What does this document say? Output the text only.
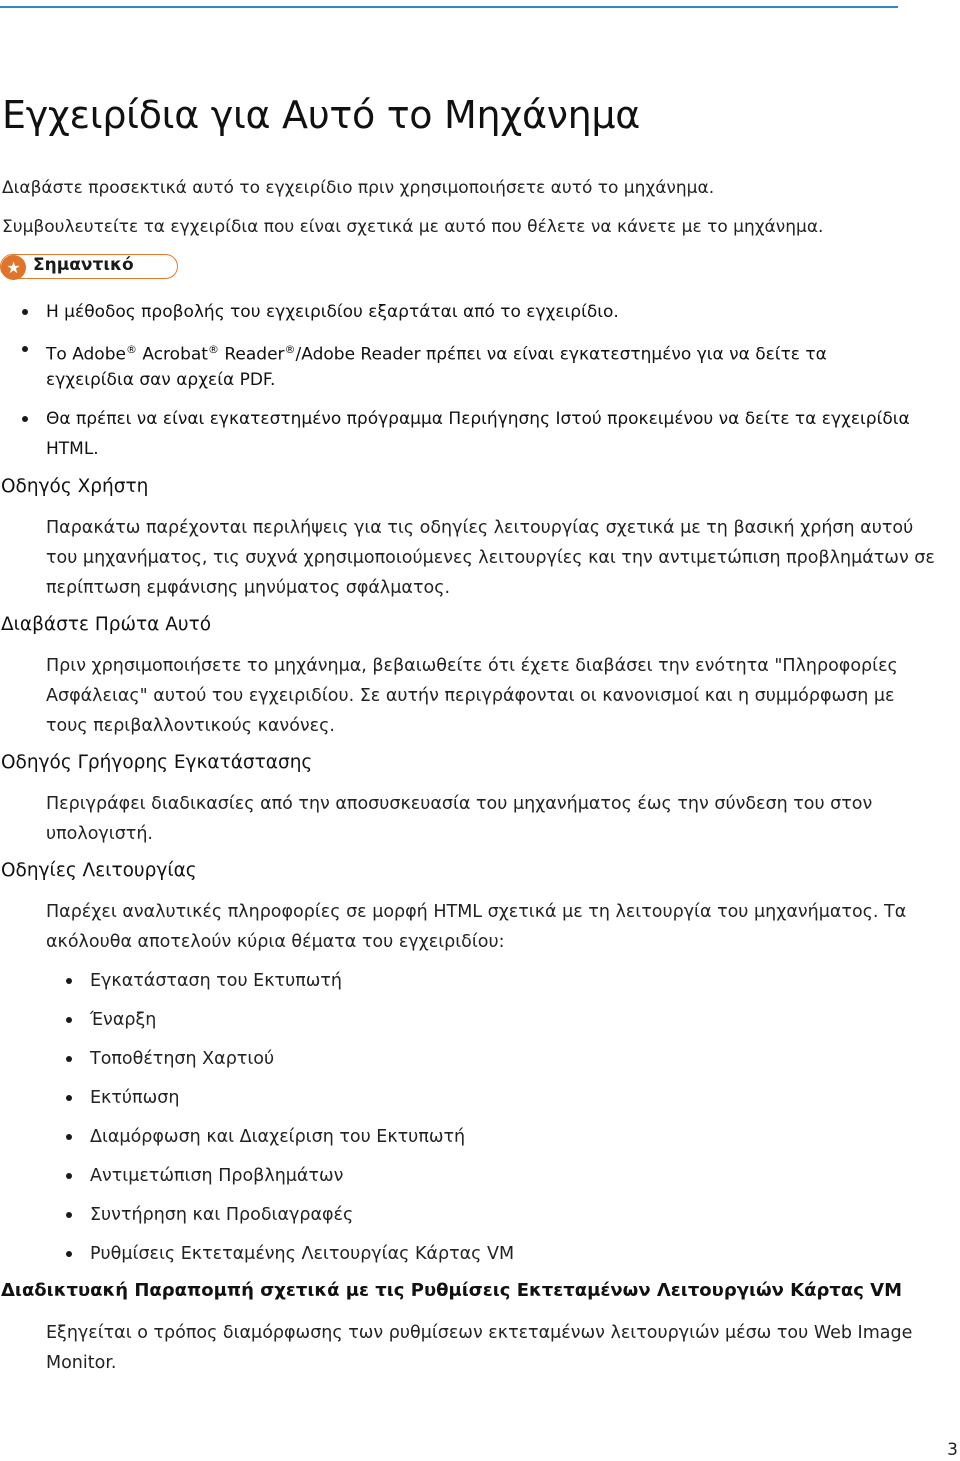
Εγχειρίδια για Αυτό το Μηχάνημα
Διαβάστε προσεκτικά αυτό το εγχειρίδιο πριν χρησιμοποιήσετε αυτό το μηχάνημα.
Συμβουλευτείτε τα εγχειρίδια που είναι σχετικά με αυτό που θέλετε να κάνετε με το μηχάνημα.
★ Σημαντικό
Η μέθοδος προβολής του εγχειριδίου εξαρτάται από το εγχειρίδιο.
Το Adobe® Acrobat® Reader®/Adobe Reader πρέπει να είναι εγκατεστημένο για να δείτε τα
εγχειρίδια σαν αρχεία PDF.
Θα πρέπει να είναι εγκατεστημένο πρόγραμμα Περιήγησης Ιστού προκειμένου να δείτε τα εγχειρίδια
HTML.
Οδηγός Χρήστη
Παρακάτω παρέχονται περιλήψεις για τις οδηγίες λειτουργίας σχετικά με τη βασική χρήση αυτού
του μηχανήματος, τις συχνά χρησιμοποιούμενες λειτουργίες και την αντιμετώπιση προβλημάτων σε
περίπτωση εμφάνισης μηνύματος σφάλματος.
Διαβάστε Πρώτα Αυτό
Πριν χρησιμοποιήσετε το μηχάνημα, βεβαιωθείτε ότι έχετε διαβάσει την ενότητα "Πληροφορίες
Ασφάλειας" αυτού του εγχειριδίου. Σε αυτήν περιγράφονται οι κανονισμοί και η συμμόρφωση με
τους περιβαλλοντικούς κανόνες.
Οδηγός Γρήγορης Εγκατάστασης
Περιγράφει διαδικασίες από την αποσυσκευασία του μηχανήματος έως την σύνδεση του στον
υπολογιστή.
Οδηγίες Λειτουργίας
Παρέχει αναλυτικές πληροφορίες σε μορφή HTML σχετικά με τη λειτουργία του μηχανήματος. Τα
ακόλουθα αποτελούν κύρια θέματα του εγχειριδίου:
Εγκατάσταση του Εκτυπωτή
Έναρξη
Τοποθέτηση Χαρτιού
Εκτύπωση
Διαμόρφωση και Διαχείριση του Εκτυπωτή
Αντιμετώπιση Προβλημάτων
Συντήρηση και Προδιαγραφές
Ρυθμίσεις Εκτεταμένης Λειτουργίας Κάρτας VM
Διαδικτυακή Παραπομπή σχετικά με τις Ρυθμίσεις Εκτεταμένων Λειτουργιών Κάρτας VM
Εξηγείται ο τρόπος διαμόρφωσης των ρυθμίσεων εκτεταμένων λειτουργιών μέσω του Web Image
Monitor.
3
